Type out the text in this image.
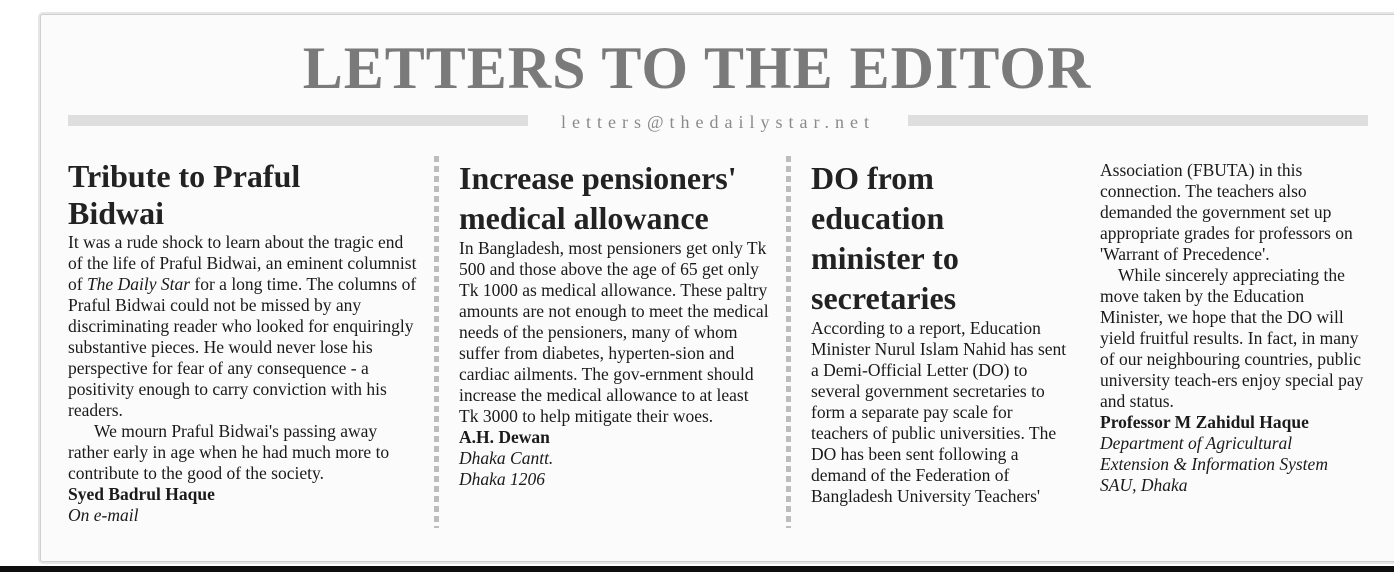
LETTERS TO THE EDITOR
letters@thedailystar.net
Tribute to Praful Bidwai

It was a rude shock to learn about the tragic end of the life of Praful Bidwai, an eminent columnist of The Daily Star for a long time. The columns of Praful Bidwai could not be missed by any discriminating reader who looked for enquiringly substantive pieces. He would never lose his perspective for fear of any consequence - a positivity enough to carry conviction with his readers.

We mourn Praful Bidwai's passing away rather early in age when he had much more to contribute to the good of the society.

Syed Badrul Haque
On e-mail
Increase pensioners' medical allowance

In Bangladesh, most pensioners get only Tk 500 and those above the age of 65 get only Tk 1000 as medical allowance. These paltry amounts are not enough to meet the medical needs of the pensioners, many of whom suffer from diabetes, hyperten-sion and cardiac ailments. The gov-ernment should increase the medical allowance to at least Tk 3000 to help mitigate their woes.

A.H. Dewan
Dhaka Cantt.
Dhaka 1206
DO from education minister to secretaries

According to a report, Education Minister Nurul Islam Nahid has sent a Demi-Official Letter (DO) to several government secretaries to form a separate pay scale for teachers of public universities. The DO has been sent following a demand of the Federation of Bangladesh University Teachers'

Association (FBUTA) in this connection. The teachers also demanded the government set up appropriate grades for professors on 'Warrant of Precedence'.

While sincerely appreciating the move taken by the Education Minister, we hope that the DO will yield fruitful results. In fact, in many of our neighbouring countries, public university teach-ers enjoy special pay and status.

Professor M Zahidul Haque
Department of Agricultural
Extension & Information System
SAU, Dhaka
